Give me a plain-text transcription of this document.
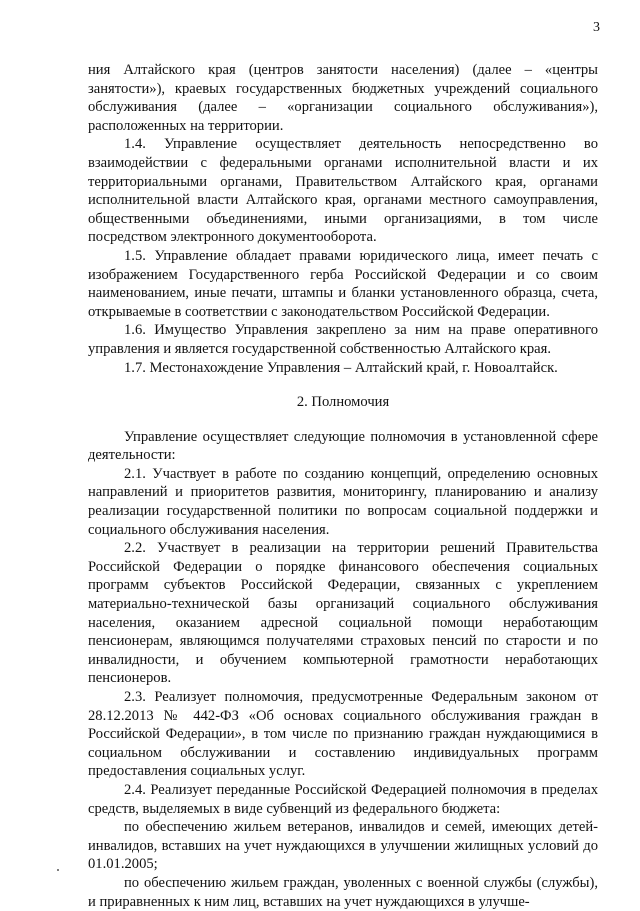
3

ния Алтайского края (центров занятости населения) (далее – «центры занятости»), краевых государственных бюджетных учреждений социального обслуживания (далее – «организации социального обслуживания»), расположенных на территории.

1.4. Управление осуществляет деятельность непосредственно во взаимодействии с федеральными органами исполнительной власти и их территориальными органами, Правительством Алтайского края, органами исполнительной власти Алтайского края, органами местного самоуправления, общественными объединениями, иными организациями, в том числе посредством электронного документооборота.

1.5. Управление обладает правами юридического лица, имеет печать с изображением Государственного герба Российской Федерации и со своим наименованием, иные печати, штампы и бланки установленного образца, счета, открываемые в соответствии с законодательством Российской Федерации.

1.6. Имущество Управления закреплено за ним на праве оперативного управления и является государственной собственностью Алтайского края.

1.7. Местонахождение Управления – Алтайский край, г. Новоалтайск.

2. Полномочия

Управление осуществляет следующие полномочия в установленной сфере деятельности:

2.1. Участвует в работе по созданию концепций, определению основных направлений и приоритетов развития, мониторингу, планированию и анализу реализации государственной политики по вопросам социальной поддержки и социального обслуживания населения.

2.2. Участвует в реализации на территории решений Правительства Российской Федерации о порядке финансового обеспечения социальных программ субъектов Российской Федерации, связанных с укреплением материально-технической базы организаций социального обслуживания населения, оказанием адресной социальной помощи неработающим пенсионерам, являющимся получателями страховых пенсий по старости и по инвалидности, и обучением компьютерной грамотности неработающих пенсионеров.

2.3. Реализует полномочия, предусмотренные Федеральным законом от 28.12.2013 № 442-ФЗ «Об основах социального обслуживания граждан в Российской Федерации», в том числе по признанию граждан нуждающимися в социальном обслуживании и составлению индивидуальных программ предоставления социальных услуг.

2.4. Реализует переданные Российской Федерацией полномочия в пределах средств, выделяемых в виде субвенций из федерального бюджета:

по обеспечению жильем ветеранов, инвалидов и семей, имеющих детей-инвалидов, вставших на учет нуждающихся в улучшении жилищных условий до 01.01.2005;

по обеспечению жильем граждан, уволенных с военной службы (службы), и приравненных к ним лиц, вставших на учет нуждающихся в улучше-
